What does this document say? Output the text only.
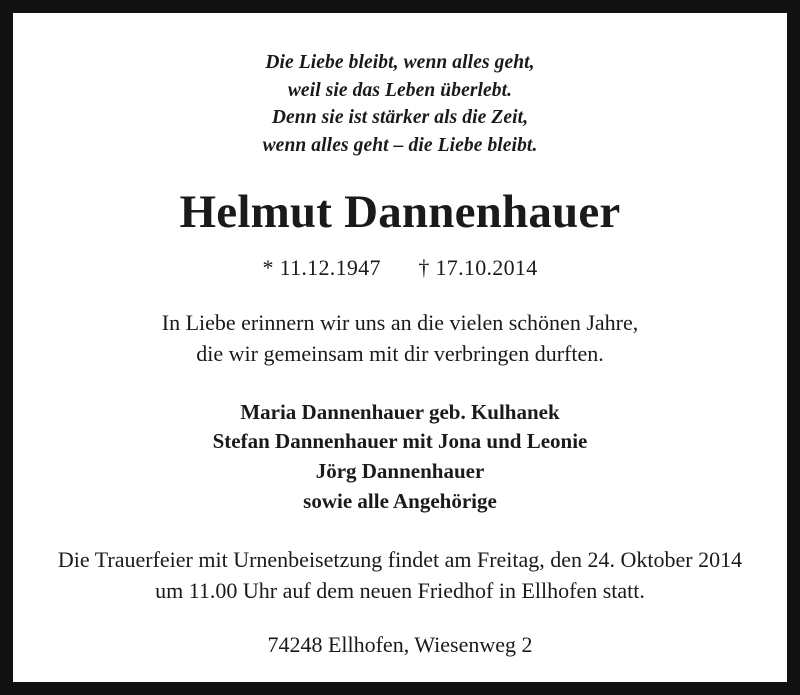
Die Liebe bleibt, wenn alles geht,
weil sie das Leben überlebt.
Denn sie ist stärker als die Zeit,
wenn alles geht – die Liebe bleibt.
Helmut Dannenhauer
* 11.12.1947 † 17.10.2014
In Liebe erinnern wir uns an die vielen schönen Jahre,
die wir gemeinsam mit dir verbringen durften.
Maria Dannenhauer geb. Kulhanek
Stefan Dannenhauer mit Jona und Leonie
Jörg Dannenhauer
sowie alle Angehörige
Die Trauerfeier mit Urnenbeisetzung findet am Freitag, den 24. Oktober 2014 um 11.00 Uhr auf dem neuen Friedhof in Ellhofen statt.
74248 Ellhofen, Wiesenweg 2
